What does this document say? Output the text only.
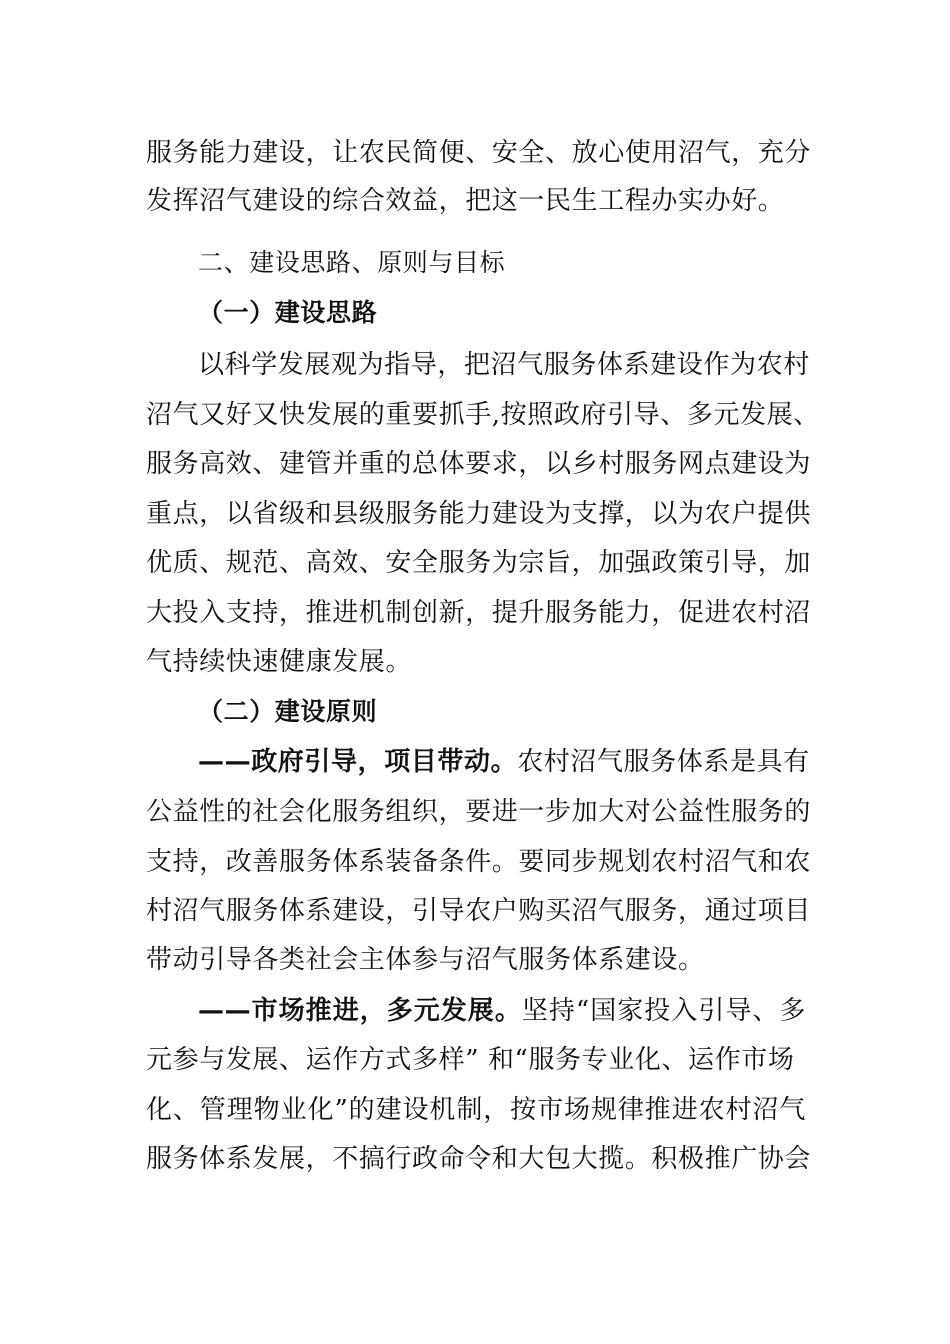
服务能力建设，让农民简便、安全、放心使用沼气，充分
发挥沼气建设的综合效益，把这一民生工程办实办好。
二、建设思路、原则与目标
（一）建设思路
以科学发展观为指导，把沼气服务体系建设作为农村
沼气又好又快发展的重要抓手,按照政府引导、多元发展、
服务高效、建管并重的总体要求，以乡村服务网点建设为
重点，以省级和县级服务能力建设为支撑，以为农户提供
优质、规范、高效、安全服务为宗旨，加强政策引导，加
大投入支持，推进机制创新，提升服务能力，促进农村沼
气持续快速健康发展。
（二）建设原则
——政府引导，项目带动。农村沼气服务体系是具有
公益性的社会化服务组织，要进一步加大对公益性服务的
支持，改善服务体系装备条件。要同步规划农村沼气和农
村沼气服务体系建设，引导农户购买沼气服务，通过项目
带动引导各类社会主体参与沼气服务体系建设。
——市场推进，多元发展。坚持“国家投入引导、多
元参与发展、运作方式多样” 和“服务专业化、运作市场
化、管理物业化”的建设机制，按市场规律推进农村沼气
服务体系发展，不搞行政命令和大包大揽。积极推广协会
